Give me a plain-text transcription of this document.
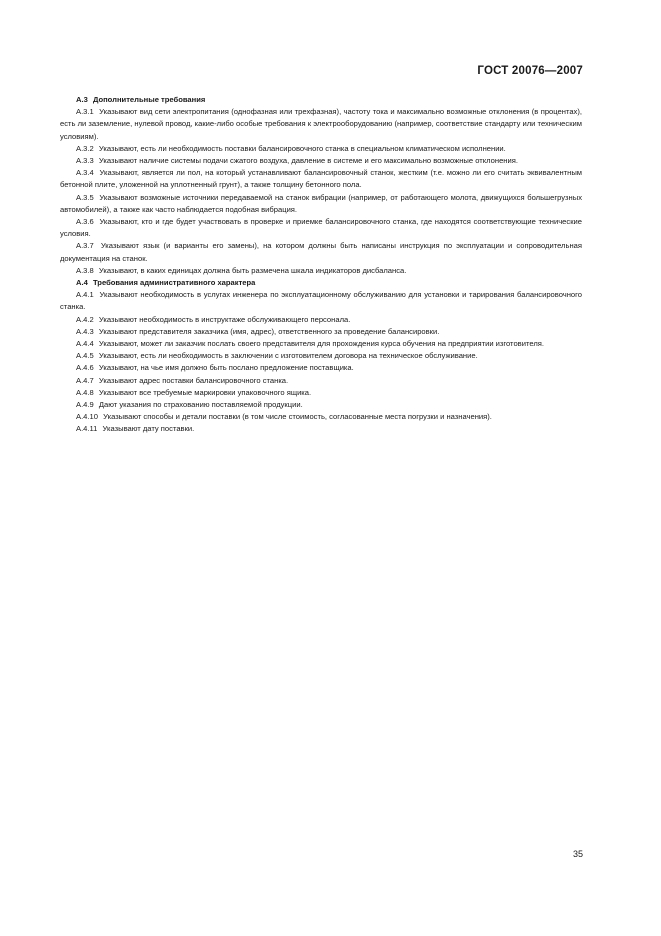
ГОСТ 20076—2007

А.3 Дополнительные требования

А.3.1 Указывают вид сети электропитания (однофазная или трехфазная), частоту тока и максимально возможные отклонения (в процентах), есть ли заземление, нулевой провод, какие-либо особые требования к электрооборудованию (например, соответствие стандарту или техническим условиям).

А.3.2 Указывают, есть ли необходимость поставки балансировочного станка в специальном климатическом исполнении.

А.3.3 Указывают наличие системы подачи сжатого воздуха, давление в системе и его максимально возможные отклонения.

А.3.4 Указывают, является ли пол, на который устанавливают балансировочный станок, жестким (т.е. можно ли его считать эквивалентным бетонной плите, уложенной на уплотненный грунт), а также толщину бетонного пола.

А.3.5 Указывают возможные источники передаваемой на станок вибрации (например, от работающего молота, движущихся большегрузных автомобилей), а также как часто наблюдается подобная вибрация.

А.3.6 Указывают, кто и где будет участвовать в проверке и приемке балансировочного станка, где находятся соответствующие технические условия.

А.3.7 Указывают язык (и варианты его замены), на котором должны быть написаны инструкция по эксплуатации и сопроводительная документация на станок.

А.3.8 Указывают, в каких единицах должна быть размечена шкала индикаторов дисбаланса.

А.4 Требования административного характера

А.4.1 Указывают необходимость в услугах инженера по эксплуатационному обслуживанию для установки и тарирования балансировочного станка.

А.4.2 Указывают необходимость в инструктаже обслуживающего персонала.

А.4.3 Указывают представителя заказчика (имя, адрес), ответственного за проведение балансировки.

А.4.4 Указывают, может ли заказчик послать своего представителя для прохождения курса обучения на предприятии изготовителя.

А.4.5 Указывают, есть ли необходимость в заключении с изготовителем договора на техническое обслуживание.

А.4.6 Указывают, на чье имя должно быть послано предложение поставщика.

А.4.7 Указывают адрес поставки балансировочного станка.

А.4.8 Указывают все требуемые маркировки упаковочного ящика.

А.4.9 Дают указания по страхованию поставляемой продукции.

А.4.10 Указывают способы и детали поставки (в том числе стоимость, согласованные места погрузки и назначения).

А.4.11 Указывают дату поставки.

35
